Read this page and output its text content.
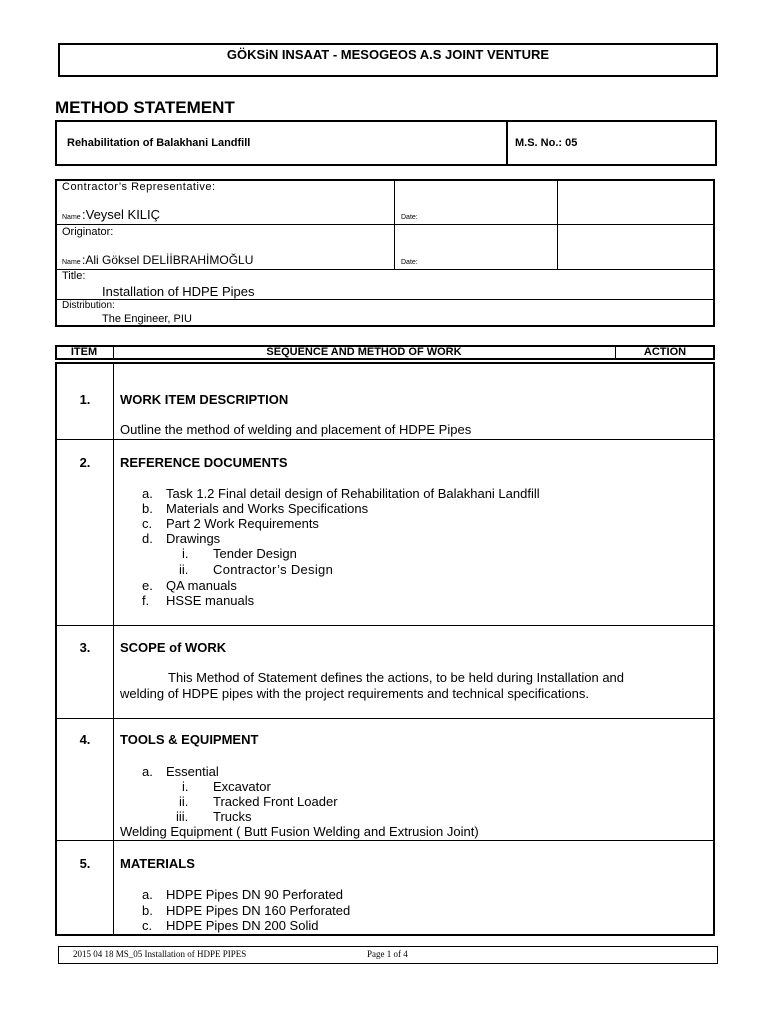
GÖKSiN INSAAT - MESOGEOS A.S JOINT VENTURE
METHOD STATEMENT
Rehabilitation of Balakhani Landfill	M.S. No.: 05
Contractor’s Representative:
Name :Veysel KILIÇ	Date:
Originator:
Name :Ali Göksel DELİİBRAHİMOĞLU	Date:
Title:
Installation of HDPE Pipes
Distribution:
The Engineer, PIU
ITEM	SEQUENCE AND METHOD OF WORK	ACTION
1.	WORK ITEM DESCRIPTION
Outline the method of welding and placement of HDPE Pipes
2.	REFERENCE DOCUMENTS
a. Task 1.2 Final detail design of Rehabilitation of Balakhani Landfill
b. Materials and Works Specifications
c. Part 2 Work Requirements
d. Drawings
i. Tender Design
ii. Contractor’s Design
e. QA manuals
f. HSSE manuals
3.	SCOPE of WORK
This Method of Statement defines the actions, to be held during Installation and
welding of HDPE pipes with the project requirements and technical specifications.
4.	TOOLS & EQUIPMENT
a. Essential
i. Excavator
ii. Tracked Front Loader
iii. Trucks
Welding Equipment ( Butt Fusion Welding and Extrusion Joint)
5.	MATERIALS
a. HDPE Pipes DN 90 Perforated
b. HDPE Pipes DN 160 Perforated
c. HDPE Pipes DN 200 Solid
2015 04 18 MS_05 Installation of HDPE PIPES	Page 1 of 4
